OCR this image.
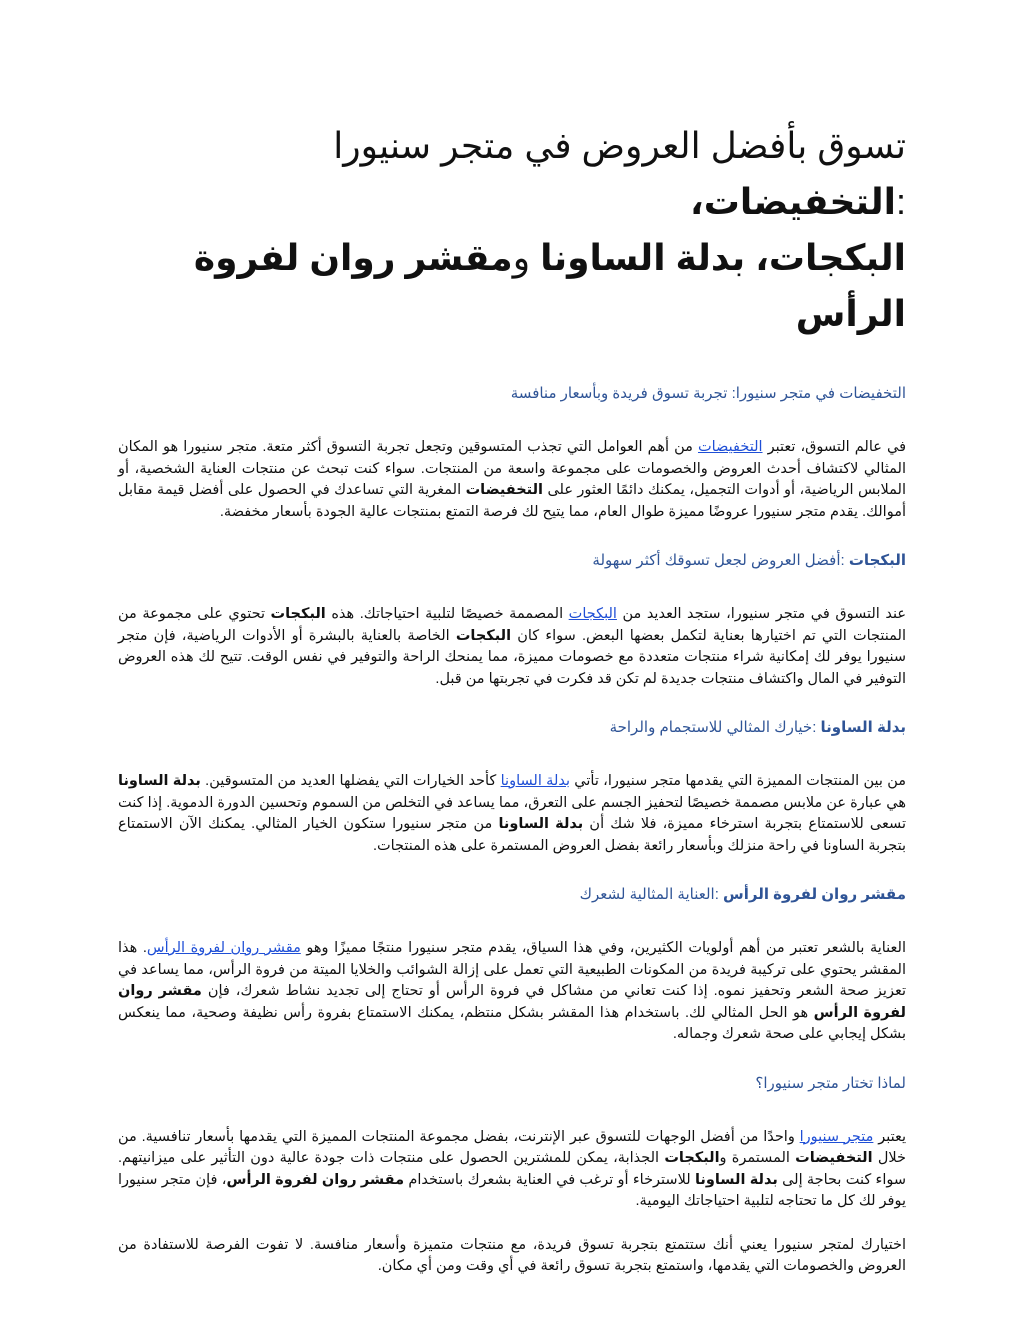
تسوق بأفضل العروض في متجر سنيورا :التخفيضات،
البكجات، بدلة الساونا ومقشر روان لفروة الرأس
التخفيضات في متجر سنيورا: تجربة تسوق فريدة وبأسعار منافسة

في عالم التسوق، تعتبر التخفيضات من أهم العوامل التي تجذب المتسوقين وتجعل تجربة التسوق أكثر متعة. متجر سنيورا هو المكان المثالي لاكتشاف أحدث العروض والخصومات على مجموعة واسعة من المنتجات. سواء كنت تبحث عن منتجات العناية الشخصية، أو الملابس الرياضية، أو أدوات التجميل، يمكنك دائمًا العثور على التخفيضات المغرية التي تساعدك في الحصول على أفضل قيمة مقابل أموالك. يقدم متجر سنيورا عروضًا مميزة طوال العام، مما يتيح لك فرصة التمتع بمنتجات عالية الجودة بأسعار مخفضة.

البكجات :أفضل العروض لجعل تسوقك أكثر سهولة

عند التسوق في متجر سنيورا، ستجد العديد من البكجات المصممة خصيصًا لتلبية احتياجاتك. هذه البكجات تحتوي على مجموعة من المنتجات التي تم اختيارها بعناية لتكمل بعضها البعض. سواء كان البكجات الخاصة بالعناية بالبشرة أو الأدوات الرياضية، فإن متجر سنيورا يوفر لك إمكانية شراء منتجات متعددة مع خصومات مميزة، مما يمنحك الراحة والتوفير في نفس الوقت. تتيح لك هذه العروض التوفير في المال واكتشاف منتجات جديدة لم تكن قد فكرت في تجربتها من قبل.

بدلة الساونا :خيارك المثالي للاستجمام والراحة

من بين المنتجات المميزة التي يقدمها متجر سنيورا، تأتي بدلة الساونا كأحد الخيارات التي يفضلها العديد من المتسوقين. بدلة الساونا هي عبارة عن ملابس مصممة خصيصًا لتحفيز الجسم على التعرق، مما يساعد في التخلص من السموم وتحسين الدورة الدموية. إذا كنت تسعى للاستمتاع بتجربة استرخاء مميزة، فلا شك أن بدلة الساونا من متجر سنيورا ستكون الخيار المثالي. يمكنك الآن الاستمتاع بتجربة الساونا في راحة منزلك وبأسعار رائعة بفضل العروض المستمرة على هذه المنتجات.

مقشر روان لفروة الرأس :العناية المثالية لشعرك

العناية بالشعر تعتبر من أهم أولويات الكثيرين، وفي هذا السياق، يقدم متجر سنيورا منتجًا مميزًا وهو مقشر روان لفروة الرأس. هذا المقشر يحتوي على تركيبة فريدة من المكونات الطبيعية التي تعمل على إزالة الشوائب والخلايا الميتة من فروة الرأس، مما يساعد في تعزيز صحة الشعر وتحفيز نموه. إذا كنت تعاني من مشاكل في فروة الرأس أو تحتاج إلى تجديد نشاط شعرك، فإن مقشر روان لفروة الرأس هو الحل المثالي لك. باستخدام هذا المقشر بشكل منتظم، يمكنك الاستمتاع بفروة رأس نظيفة وصحية، مما ينعكس بشكل إيجابي على صحة شعرك وجماله.

لماذا تختار متجر سنيورا؟

يعتبر متجر سنيورا واحدًا من أفضل الوجهات للتسوق عبر الإنترنت، بفضل مجموعة المنتجات المميزة التي يقدمها بأسعار تنافسية. من خلال التخفيضات المستمرة والبكجات الجذابة، يمكن للمشترين الحصول على منتجات ذات جودة عالية دون التأثير على ميزانيتهم. سواء كنت بحاجة إلى بدلة الساونا للاسترخاء أو ترغب في العناية بشعرك باستخدام مقشر روان لفروة الرأس، فإن متجر سنيورا يوفر لك كل ما تحتاجه لتلبية احتياجاتك اليومية.

اختيارك لمتجر سنيورا يعني أنك ستتمتع بتجربة تسوق فريدة، مع منتجات متميزة وأسعار منافسة. لا تفوت الفرصة للاستفادة من العروض والخصومات التي يقدمها، واستمتع بتجربة تسوق رائعة في أي وقت ومن أي مكان.
